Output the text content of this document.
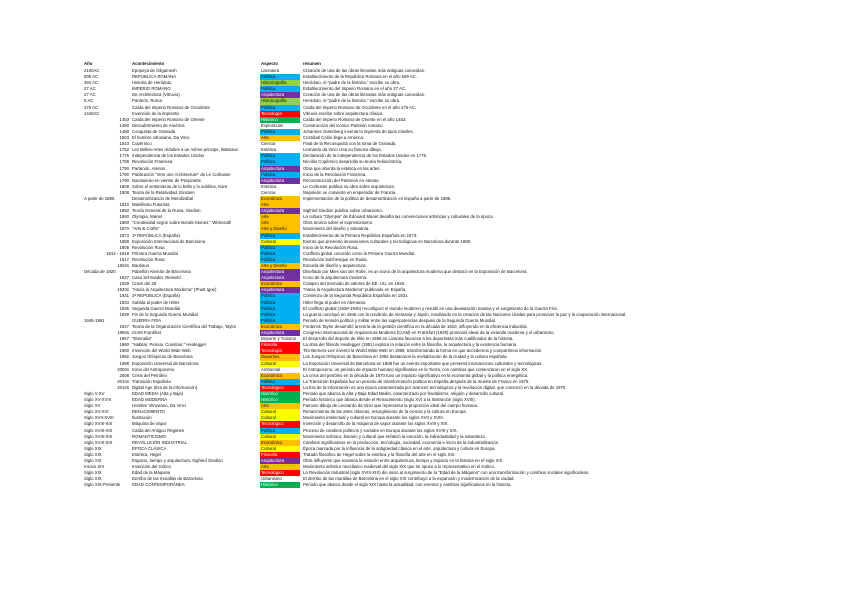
Año	Acontecimiento	Aspecto	resumen
2100AC	Epopeya de Gilgamesh	Literatura	Creación de una de las obras literarias más antiguas conocidas.
509 AC	REPÚBLICA ROMANA	Política	Establecimiento de la República Romana en el año 509 AC.
484 AC	Historia de Heródoto	Historiografía	Heródoto, el "padre de la historia," escribe su obra.
27 AC	IMPERIO ROMANO	Política	Establecimiento del Imperio Romano en el año 27 AC.
27 AC	De Architectura (Vitruvio)	Arquitectura	Creación de una de las obras literarias más antiguas conocidas.
5 AC	Panteón, Roma	Historiografía	Heródoto, el "padre de la historia," escribe su obra.
476 AC	Caída del Imperio Romano de Occidente	Política	Caída del Imperio Romano de Occidente en el año 476 AC.
1440AC	Invención de la imprenta	Tecnología	Vitruvio escribe sobre arquitectura clásica.
1453 Caída del Imperio Romano de Oriente	Histórico	Caída del Imperio Romano de Oriente en el año 1453.
1480 Descubrimiento de América	Exploración	Construcción del icónico Panteón romano.
1480 Conquista de Granada	Política	Johannes Gutenberg inventa la imprenta de tipos móviles.
1503 El hombre vitruviano, Da Vinci	Arte	Cristóbal Colón llega a América.
1543 Copérnico	Ciencia	Final de la Reconquista con la toma de Granada.
1752 Les Belles-Artes réduites a un même principe, Batteaux	Estética	Leonardo da Vinci crea su famoso dibujo.
1776 Independencia de los Estados Unidos	Política	Declaración de la independencia de los Estados Unidos en 1776.
1789 Revolución Francesa	Política	Nicolás Copérnico desarrolla su teoría heliocéntrica.
1790 Partenón, Atenas	Arquitectura	Obra que aborda la estética en las artes.
1790 Publicación "Vers une Architecture" de Le Corbusier	Política	Inicio de la Revolución Francesa.
1790 Nacimiento en vientre de Pimpinette	Arquitectura	Reconstrucción del Partenón en Atenas.
1808 Sobre el sentimiento de lo bello y lo sublime, Kant	Estética	Le Corbusier publica su obra sobre arquitectura.
1808 Teoría de la Relatividad, Einstein	Ciencia	Napoleón se convierte en emperador de Francia.
A partir de 1886	Desamortización de Mendizábal	Económico	Implementación de la política de desamortización en España a partir de 1886.
1810 Manifiesto Futurista	Arte
1850 Teoría General de la Ruina, Giedion	Arquitectura	Sigfried Giedion publica sobre urbanismo.
1860 Olympia, Manet	Arte	La cultura "Olympia" de Édouard Manet desafía las convenciones artísticas y culturales de la época.
1860 "Creatividad según sobre Bonds-Stones," Wickerath	Arte	Obra teórica sobre el expresionismo.
1870 "Arts & Crafts"	Arte y Diseño	Movimiento del diseño y artesanía.
1873 1ª REPÚBLICA (España)	Política	Establecimiento de la Primera República Española en 1873.
1888 Exposición Internacional de Barcelona	Cultural	Evento que presentó innovaciones culturales y tecnológicas en Barcelona durante 1888.
1905 Revolución Rusa	Política	Inicio de la Revolución Rusa.
1914 - 1918 Primera Guerra Mundial	Política	Conflicto global conocido como la Primera Guerra Mundial.
1917 Revolución Rusa	Política	Revolución bolchevique en Rusia.
1920s Bauhaus	Arte y Diseño	Escuela de diseño y arquitectura.
Década de 1920	Pabellón Alemán de Barcelona	Arquitectura	Diseñado por Mies van der Rohe, es un icono de la arquitectura moderna que destacó en la Exposición de Barcelona.
1927 Casa Schroeder, Rietveld	Arquitectura	Icono de la arquitectura moderna.
1929 Crack del 29	Económico	Colapso del mercado de valores de EE. UU. en 1929.
1930s "Hacia la Arquitectura Moderna" (Pruitt Igoe)	Arquitectura	"Hacia la Arquitectura Moderna" publicado en España.
1931 2ª REPÚBLICA (España)	Política	Comienzo de la Segunda República Española en 1931.
1933 Subida al poder de Hitler	Política	Hitler llega al poder en Alemania.
1936 Segunda Guerra Mundial	Política	El conflicto global (1939-1945) reconfiguró el mundo moderno y resultó en una devastación masiva y el surgimiento de la Guerra Fría.
1939 Fin de la Segunda Guerra Mundial	Política	La guerra concluyó en 1945 con la rendición de Alemania y Japón, resultando en la creación de las Naciones Unidas para promover la paz y la cooperación internacional.
1945-1991	GUERRA FRÍA	Política	Periodo de tensión política y militar entre las superpotencias después de la Segunda Guerra Mundial.
1947 Teoría de la Organización Científica del Trabajo, Taylor	Económico	Frederick Taylor desarrolló la teoría de la gestión científica en la década de 1910, influyendo en la eficiencia industrial.
1950s CIAM Frankfurt	Arquitectura	Congreso Internacional de Arquitectura Moderna (CIAM) en Frankfurt (1929) promovió ideas de la vivienda moderna y el urbanismo.
1957 "Eternalia"	Deporte y Turismo	El desarrollo del deporte de élite en 1986 en Lizaoria favorece a los deportistas más cualificados de la historia.
1960 "Habitar, Pensar, Construir," Heidegger	Filosofía	La obra del filósofo Heidegger (1951) explora la relación entre la filosofía, la arquitectura y la existencia humana.
1960 Invención del World Wide Web	Tecnología	Tim Berners-Lee inventó la World Wide Web en 1989, transformando la forma en que accedemos y compartimos información.
1992 Juegos Olímpicos de Barcelona	Deportivo	Los Juegos Olímpicos de Barcelona en 1992 destacaron la revitalización de la ciudad y la cultura española.
1998 Exposición Universal de Barcelona	Cultural	La Exposición Universal de Barcelona en 1888 fue un evento importante que presentó innovaciones culturales y tecnológicas.
2000s Inicio del Antropoceno	Ambiental	El Antropoceno, un periodo de impacto humano significativo en la Tierra, con cambios que comenzaron en el siglo XX.
2008 Crisis del Petróleo	Económico	La crisis del petróleo en la década de 1970 tuvo un impacto significativo en la economía global y la política energética.
2010s Transición Española	Político	La Transición Española fue un periodo de transformación política en España después de la muerte de Franco en 1975.
2010s Digital Age (Era de la información)	Tecnológico	La Era de la Información es una época caracterizada por avances tecnológicos y la revolución digital, que comenzó en la década de 1970.
Siglo V-XV	EDAD MEDIA (Alta y Baja)	Histórico	Periodo que abarca la Alta y Baja Edad Media, caracterizado por feudalismo, religión y desarrollo cultural.
Siglo XV-XVIII	EDAD MODERNA	Histórico	Periodo histórico que abarca desde el Renacimiento (siglo XV) a la Ilustración (siglo XVIII).
Siglo XV	Hombre Vitruviano, Da Vinci	Arte	Famoso dibujo de Leonardo da Vinci que representa la proporción ideal del cuerpo humano.
Siglo XV-XVI	RENACIMIENTO	Cultural	Renacimiento de las artes clásicas, resurgimiento de la ciencia y la cultura en Europa.
Siglo XVII-XVIII	Ilustración	Cultural	Movimiento intelectual y cultural en Europa durante los siglos XVII y XVIII.
Siglo XVIII-XIX	Máquina de Vapor	Tecnológico	Invención y desarrollo de la máquina de vapor durante los siglos XVIII y XIX.
Siglo XVIII-XIX	Caída del Antiguo Régimen	Político	Proceso de cambios políticos y sociales en Europa durante los siglos XVIII y XIX.
Siglo XVIII-XIX	ROMANTICISMO	Cultural	Movimiento artístico, literario y cultural que enfatizó la emoción, la individualidad y la naturaleza.
Siglo XVIII-XIX	REVOLUCIÓN INDUSTRIAL	Económico	Cambios significativos en la producción, tecnología, sociedad, economía e inicio de la industrialización.
Siglo XIX	ÉPOCA CLÁSICA	Cultural	Época marcada por la influencia de la antigüedad clásica en el arte, arquitectura y cultura en Europa.
Siglo XIX	Estética, Hegel	Filosofía	Tratado filosófico de Hegel sobre la estética y la filosofía del arte en el siglo XIX.
Siglo XIX	Espacio, tiempo y arquitectura, Sigfried Giedion	Arquitectura	Obra influyente que examina la relación entre arquitectura, tiempo y espacio en la historia en el siglo XIX.
Inicios XIX	Invención del Gótico	Arte	Movimiento artístico neoclásico medieval del siglo XIX que se opuso a lo representativo en el Gótico.
Siglo XIX	Edad de la Máquina	Tecnológico	La Revolución Industrial (siglo XVIII-XIX) dio inicio al surgimiento de la "Edad de la Máquina" con una transformación y cambios sociales significativos.
Siglo XIX	Derribo de las murallas de Barcelona	Urbanismo	El derribo de las murallas de Barcelona en el siglo XIX contribuyó a la expansión y modernización de la ciudad.
Siglo XIX-Presente	EDAD CONTEMPORÁNEA	Histórico	Periodo que abarca desde el siglo XIX hasta la actualidad, con eventos y cambios significativos en la historia.
